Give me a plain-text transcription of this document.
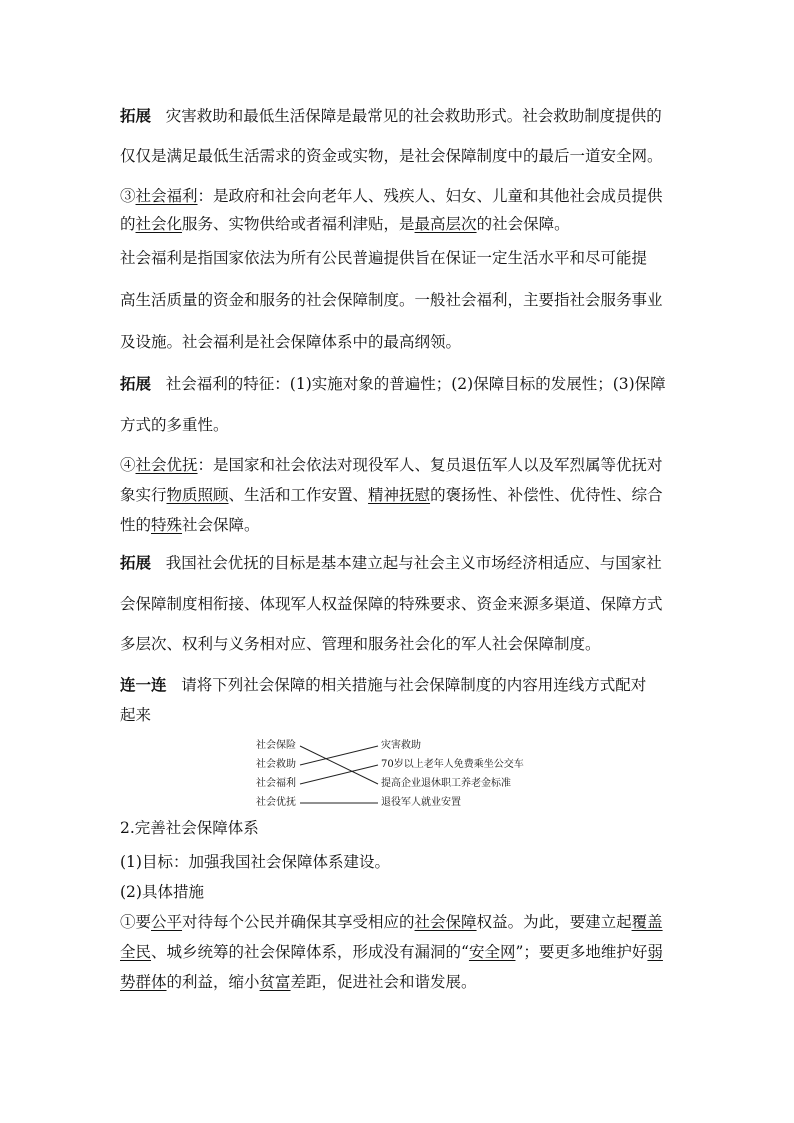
拓展 灾害救助和最低生活保障是最常见的社会救助形式。社会救助制度提供的
仅仅是满足最低生活需求的资金或实物，是社会保障制度中的最后一道安全网。
③社会福利：是政府和社会向老年人、残疾人、妇女、儿童和其他社会成员提供
的社会化服务、实物供给或者福利津贴，是最高层次的社会保障。
社会福利是指国家依法为所有公民普遍提供旨在保证一定生活水平和尽可能提
高生活质量的资金和服务的社会保障制度。一般社会福利，主要指社会服务事业
及设施。社会福利是社会保障体系中的最高纲领。
拓展 社会福利的特征：(1)实施对象的普遍性；(2)保障目标的发展性；(3)保障
方式的多重性。
④社会优抚：是国家和社会依法对现役军人、复员退伍军人以及军烈属等优抚对
象实行物质照顾、生活和工作安置、精神抚慰的褒扬性、补偿性、优待性、综合
性的特殊社会保障。
拓展 我国社会优抚的目标是基本建立起与社会主义市场经济相适应、与国家社
会保障制度相衔接、体现军人权益保障的特殊要求、资金来源多渠道、保障方式
多层次、权利与义务相对应、管理和服务社会化的军人社会保障制度。
连一连 请将下列社会保障的相关措施与社会保障制度的内容用连线方式配对
起来
社会保险
社会救助
社会福利
社会优抚
灾害救助
70岁以上老年人免费乘坐公交车
提高企业退休职工养老金标准
退役军人就业安置
2.完善社会保障体系
(1)目标：加强我国社会保障体系建设。
(2)具体措施
①要公平对待每个公民并确保其享受相应的社会保障权益。为此，要建立起覆盖
全民、城乡统筹的社会保障体系，形成没有漏洞的“安全网”；要更多地维护好弱
势群体的利益，缩小贫富差距，促进社会和谐发展。
